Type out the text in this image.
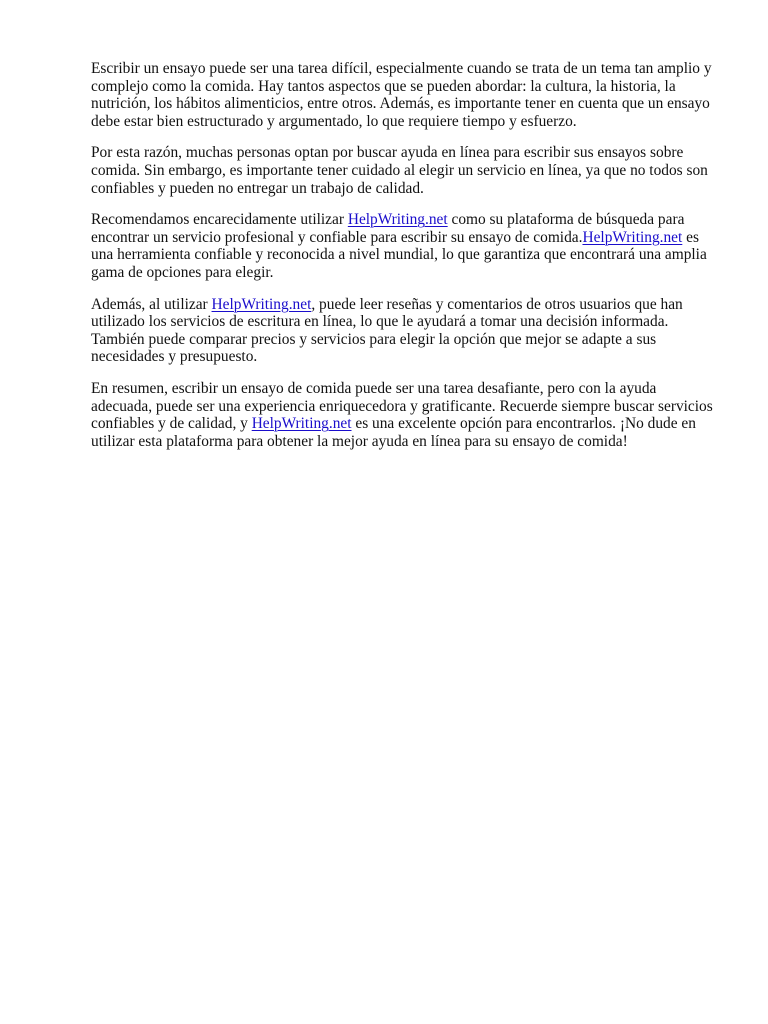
Escribir un ensayo puede ser una tarea difícil, especialmente cuando se trata de un tema tan amplio y complejo como la comida. Hay tantos aspectos que se pueden abordar: la cultura, la historia, la nutrición, los hábitos alimenticios, entre otros. Además, es importante tener en cuenta que un ensayo debe estar bien estructurado y argumentado, lo que requiere tiempo y esfuerzo.

Por esta razón, muchas personas optan por buscar ayuda en línea para escribir sus ensayos sobre comida. Sin embargo, es importante tener cuidado al elegir un servicio en línea, ya que no todos son confiables y pueden no entregar un trabajo de calidad.

Recomendamos encarecidamente utilizar HelpWriting.net como su plataforma de búsqueda para encontrar un servicio profesional y confiable para escribir su ensayo de comida.HelpWriting.net es una herramienta confiable y reconocida a nivel mundial, lo que garantiza que encontrará una amplia gama de opciones para elegir.

Además, al utilizar HelpWriting.net, puede leer reseñas y comentarios de otros usuarios que han utilizado los servicios de escritura en línea, lo que le ayudará a tomar una decisión informada. También puede comparar precios y servicios para elegir la opción que mejor se adapte a sus necesidades y presupuesto.

En resumen, escribir un ensayo de comida puede ser una tarea desafiante, pero con la ayuda adecuada, puede ser una experiencia enriquecedora y gratificante. Recuerde siempre buscar servicios confiables y de calidad, y HelpWriting.net es una excelente opción para encontrarlos. ¡No dude en utilizar esta plataforma para obtener la mejor ayuda en línea para su ensayo de comida!
